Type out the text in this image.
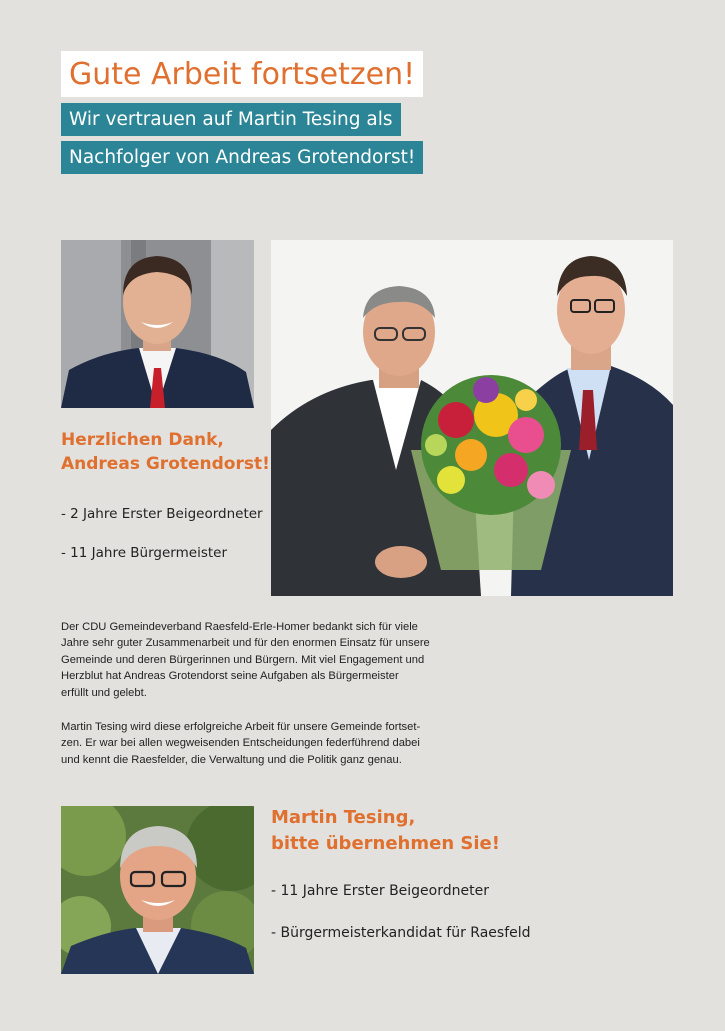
Gute Arbeit fortsetzen!
Wir vertrauen auf Martin Tesing als
Nachfolger von Andreas Grotendorst!
Herzlichen Dank,
Andreas Grotendorst!
- 2 Jahre Erster Beigeordneter
- 11 Jahre Bürgermeister
Der CDU Gemeindeverband Raesfeld-Erle-Homer bedankt sich für viele
Jahre sehr guter Zusammenarbeit und für den enormen Einsatz für unsere
Gemeinde und deren Bürgerinnen und Bürgern. Mit viel Engagement und
Herzblut hat Andreas Grotendorst seine Aufgaben als Bürgermeister
erfüllt und gelebt.
Martin Tesing wird diese erfolgreiche Arbeit für unsere Gemeinde fortset-
zen. Er war bei allen wegweisenden Entscheidungen federführend dabei
und kennt die Raesfelder, die Verwaltung und die Politik ganz genau.
Martin Tesing,
bitte übernehmen Sie!
- 11 Jahre Erster Beigeordneter
- Bürgermeisterkandidat für Raesfeld
